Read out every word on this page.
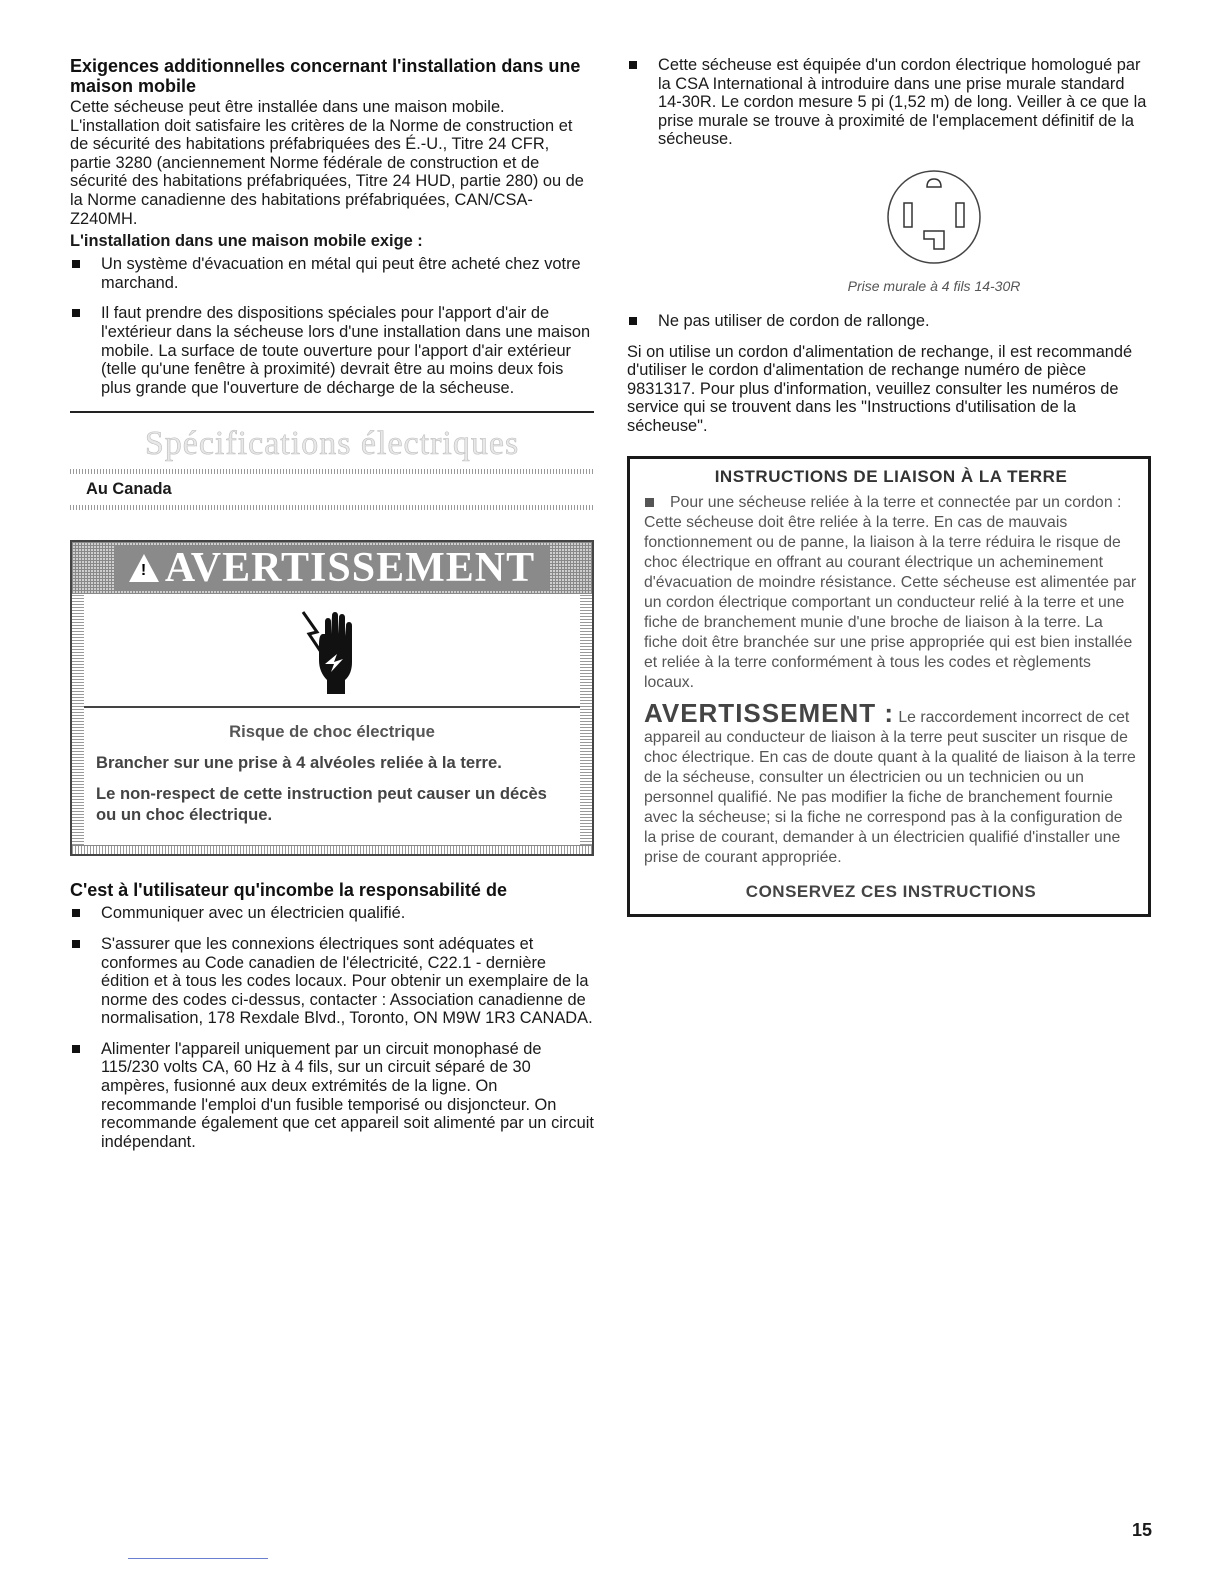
Exigences additionnelles concernant l'installation dans une maison mobile

Cette sécheuse peut être installée dans une maison mobile. L'installation doit satisfaire les critères de la Norme de construction et de sécurité des habitations préfabriquées des É.-U., Titre 24 CFR, partie 3280 (anciennement Norme fédérale de construction et de sécurité des habitations préfabriquées, Titre 24 HUD, partie 280) ou de la Norme canadienne des habitations préfabriquées, CAN/CSA-Z240MH.

L'installation dans une maison mobile exige :
Un système d'évacuation en métal qui peut être acheté chez votre marchand.
Il faut prendre des dispositions spéciales pour l'apport d'air de l'extérieur dans la sécheuse lors d'une installation dans une maison mobile. La surface de toute ouverture pour l'apport d'air extérieur (telle qu'une fenêtre à proximité) devrait être au moins deux fois plus grande que l'ouverture de décharge de la sécheuse.
Spécifications électriques
Au Canada
! AVERTISSEMENT
Risque de choc électrique
Brancher sur une prise à 4 alvéoles reliée à la terre.
Le non-respect de cette instruction peut causer un décès ou un choc électrique.
C'est à l'utilisateur qu'incombe la responsabilité de
Communiquer avec un électricien qualifié.
S'assurer que les connexions électriques sont adéquates et conformes au Code canadien de l'électricité, C22.1 - dernière édition et à tous les codes locaux. Pour obtenir un exemplaire de la norme des codes ci-dessus, contacter : Association canadienne de normalisation, 178 Rexdale Blvd., Toronto, ON M9W 1R3 CANADA.
Alimenter l'appareil uniquement par un circuit monophasé de 115/230 volts CA, 60 Hz à 4 fils, sur un circuit séparé de 30 ampères, fusionné aux deux extrémités de la ligne. On recommande l'emploi d'un fusible temporisé ou disjoncteur. On recommande également que cet appareil soit alimenté par un circuit indépendant.
Cette sécheuse est équipée d'un cordon électrique homologué par la CSA International à introduire dans une prise murale standard 14-30R. Le cordon mesure 5 pi (1,52 m) de long. Veiller à ce que la prise murale se trouve à proximité de l'emplacement définitif de la sécheuse.
Prise murale à 4 fils 14-30R
Ne pas utiliser de cordon de rallonge.

Si on utilise un cordon d'alimentation de rechange, il est recommandé d'utiliser le cordon d'alimentation de rechange numéro de pièce 9831317. Pour plus d'information, veuillez consulter les numéros de service qui se trouvent dans les "Instructions d'utilisation de la sécheuse".

INSTRUCTIONS DE LIAISON À LA TERRE
Pour une sécheuse reliée à la terre et connectée par un cordon :
Cette sécheuse doit être reliée à la terre. En cas de mauvais fonctionnement ou de panne, la liaison à la terre réduira le risque de choc électrique en offrant au courant électrique un acheminement d'évacuation de moindre résistance. Cette sécheuse est alimentée par un cordon électrique comportant un conducteur relié à la terre et une fiche de branchement munie d'une broche de liaison à la terre. La fiche doit être branchée sur une prise appropriée qui est bien installée et reliée à la terre conformément à tous les codes et règlements locaux.
AVERTISSEMENT : Le raccordement incorrect de cet appareil au conducteur de liaison à la terre peut susciter un risque de choc électrique. En cas de doute quant à la qualité de liaison à la terre de la sécheuse, consulter un électricien ou un technicien ou un personnel qualifié. Ne pas modifier la fiche de branchement fournie avec la sécheuse; si la fiche ne correspond pas à la configuration de la prise de courant, demander à un électricien qualifié d'installer une prise de courant appropriée.
CONSERVEZ CES INSTRUCTIONS
15
